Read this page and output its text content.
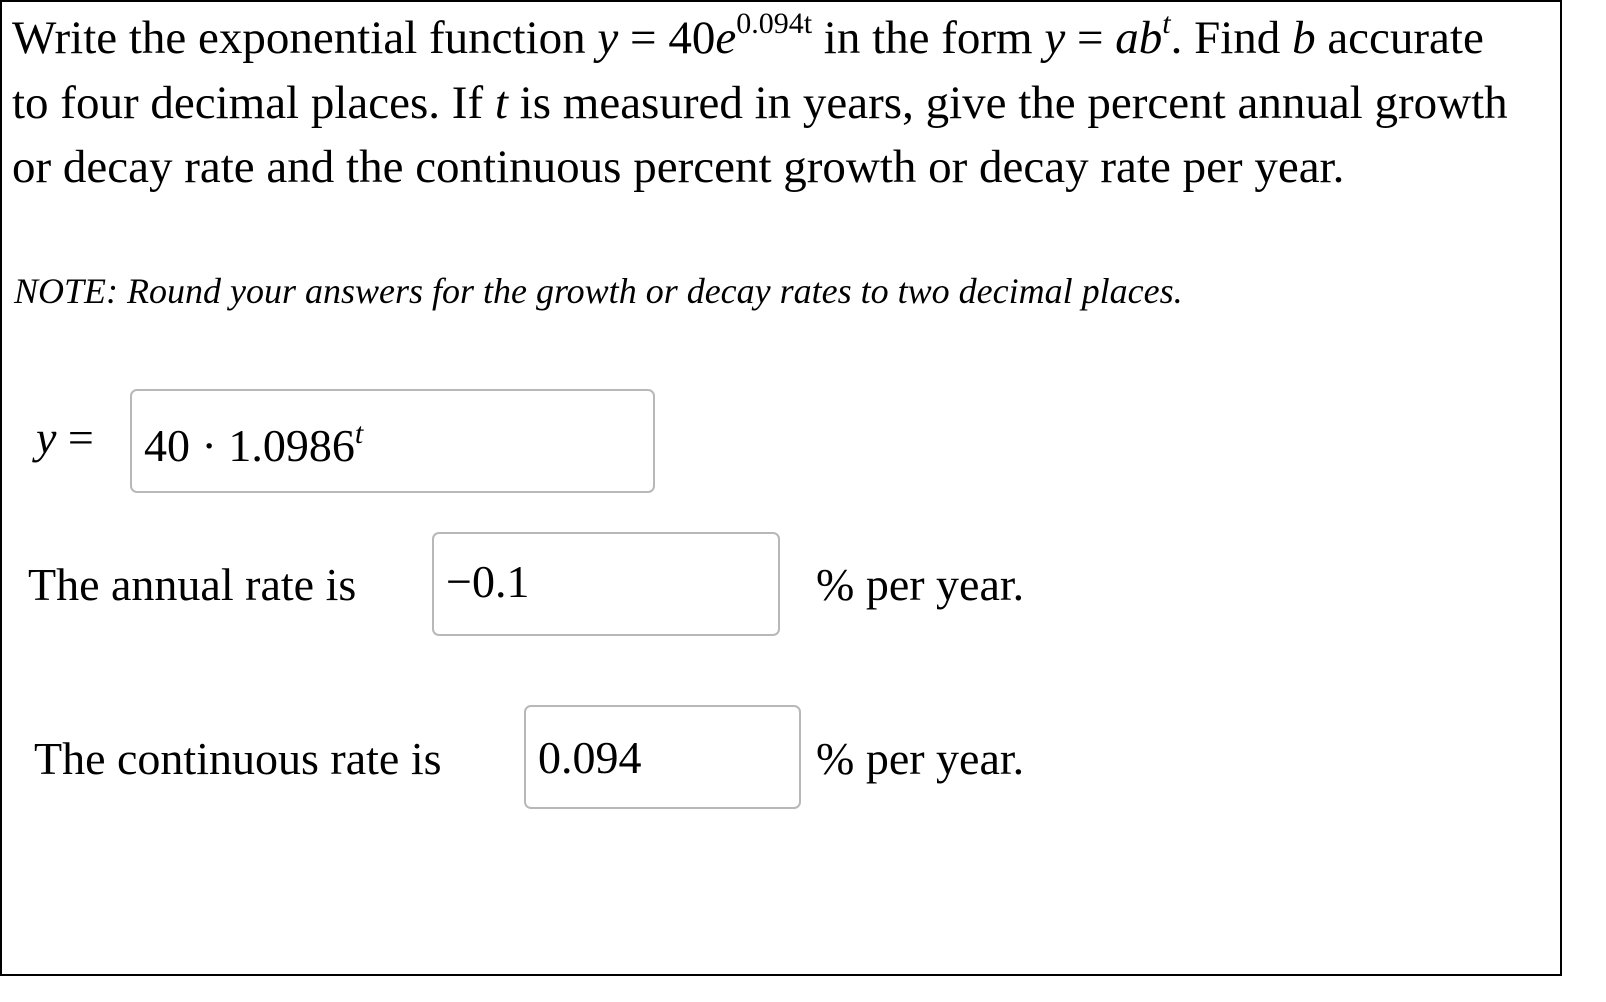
Write the exponential function $y = 40e^{0.094t}$ in the form $y = ab^t$. Find b accurate to four decimal places. If t is measured in years, give the percent annual growth or decay rate and the continuous percent growth or decay rate per year.

NOTE: Round your answers for the growth or decay rates to two decimal places.

y =	$40 \cdot 1.0986^t$
The annual rate is	−0.1	% per year.
The continuous rate is	0.094	% per year.
